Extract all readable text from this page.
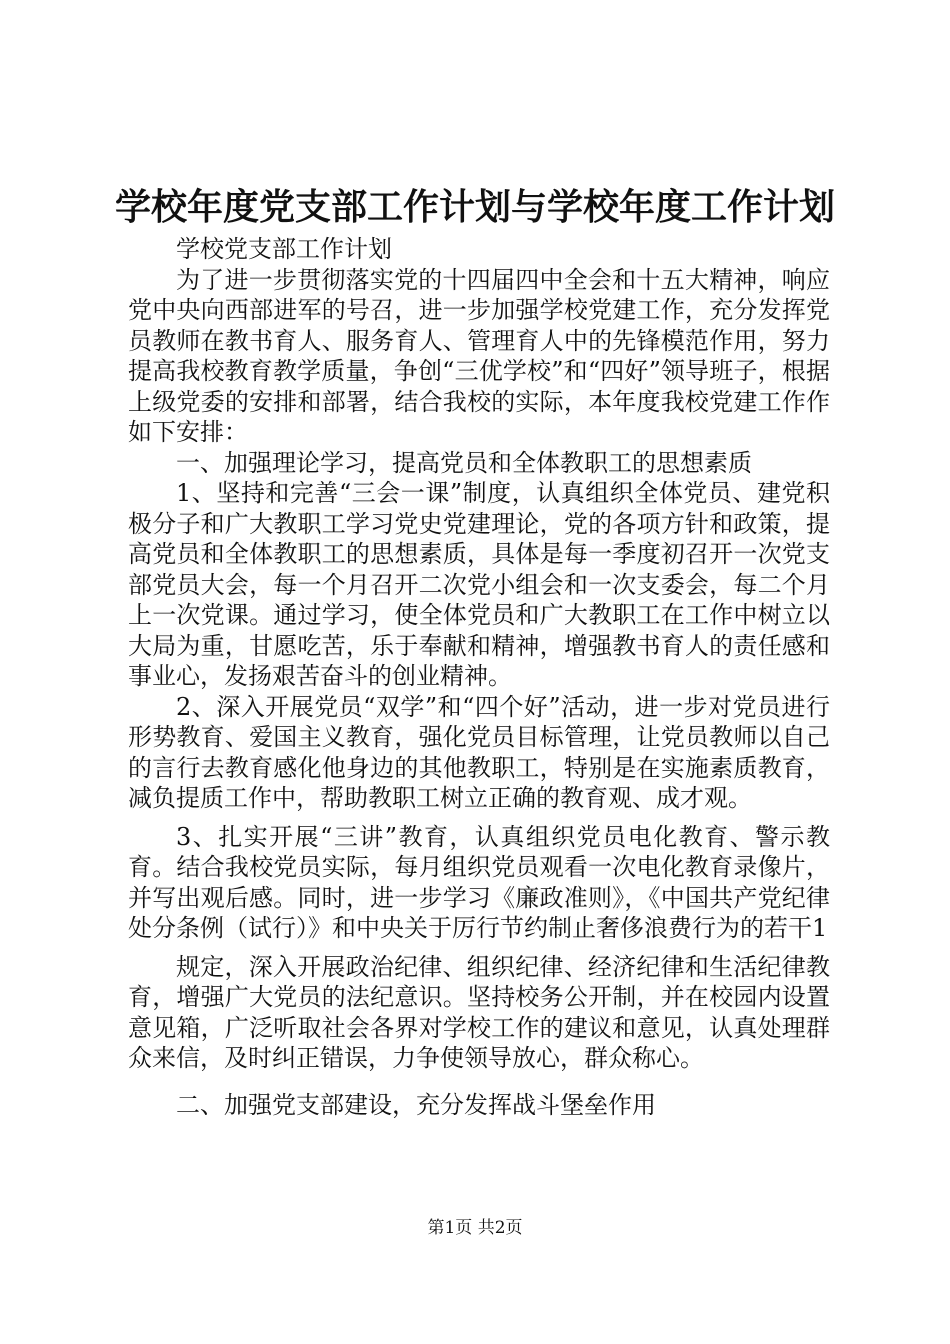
学校年度党支部工作计划与学校年度工作计划

学校党支部工作计划

为了进一步贯彻落实党的十四届四中全会和十五大精神，响应党中央向西部进军的号召，进一步加强学校党建工作，充分发挥党员教师在教书育人、服务育人、管理育人中的先锋模范作用，努力提高我校教育教学质量，争创“三优学校”和“四好”领导班子，根据上级党委的安排和部署，结合我校的实际，本年度我校党建工作作如下安排：

一、加强理论学习，提高党员和全体教职工的思想素质

1、坚持和完善“三会一课”制度，认真组织全体党员、建党积极分子和广大教职工学习党史党建理论，党的各项方针和政策，提高党员和全体教职工的思想素质，具体是每一季度初召开一次党支部党员大会，每一个月召开二次党小组会和一次支委会，每二个月上一次党课。通过学习，使全体党员和广大教职工在工作中树立以大局为重，甘愿吃苦，乐于奉献和精神，增强教书育人的责任感和事业心，发扬艰苦奋斗的创业精神。

2、深入开展党员“双学”和“四个好”活动，进一步对党员进行形势教育、爱国主义教育，强化党员目标管理，让党员教师以自己的言行去教育感化他身边的其他教职工，特别是在实施素质教育，减负提质工作中，帮助教职工树立正确的教育观、成才观。

3、扎实开展“三讲”教育，认真组织党员电化教育、警示教育。结合我校党员实际，每月组织党员观看一次电化教育录像片，并写出观后感。同时，进一步学习《廉政准则》，《中国共产党纪律处分条例（试行）》和中央关于厉行节约制止奢侈浪费行为的若干1

规定，深入开展政治纪律、组织纪律、经济纪律和生活纪律教育，增强广大党员的法纪意识。坚持校务公开制，并在校园内设置意见箱，广泛听取社会各界对学校工作的建议和意见，认真处理群众来信，及时纠正错误，力争使领导放心，群众称心。

二、加强党支部建设，充分发挥战斗堡垒作用

第1页 共2页
